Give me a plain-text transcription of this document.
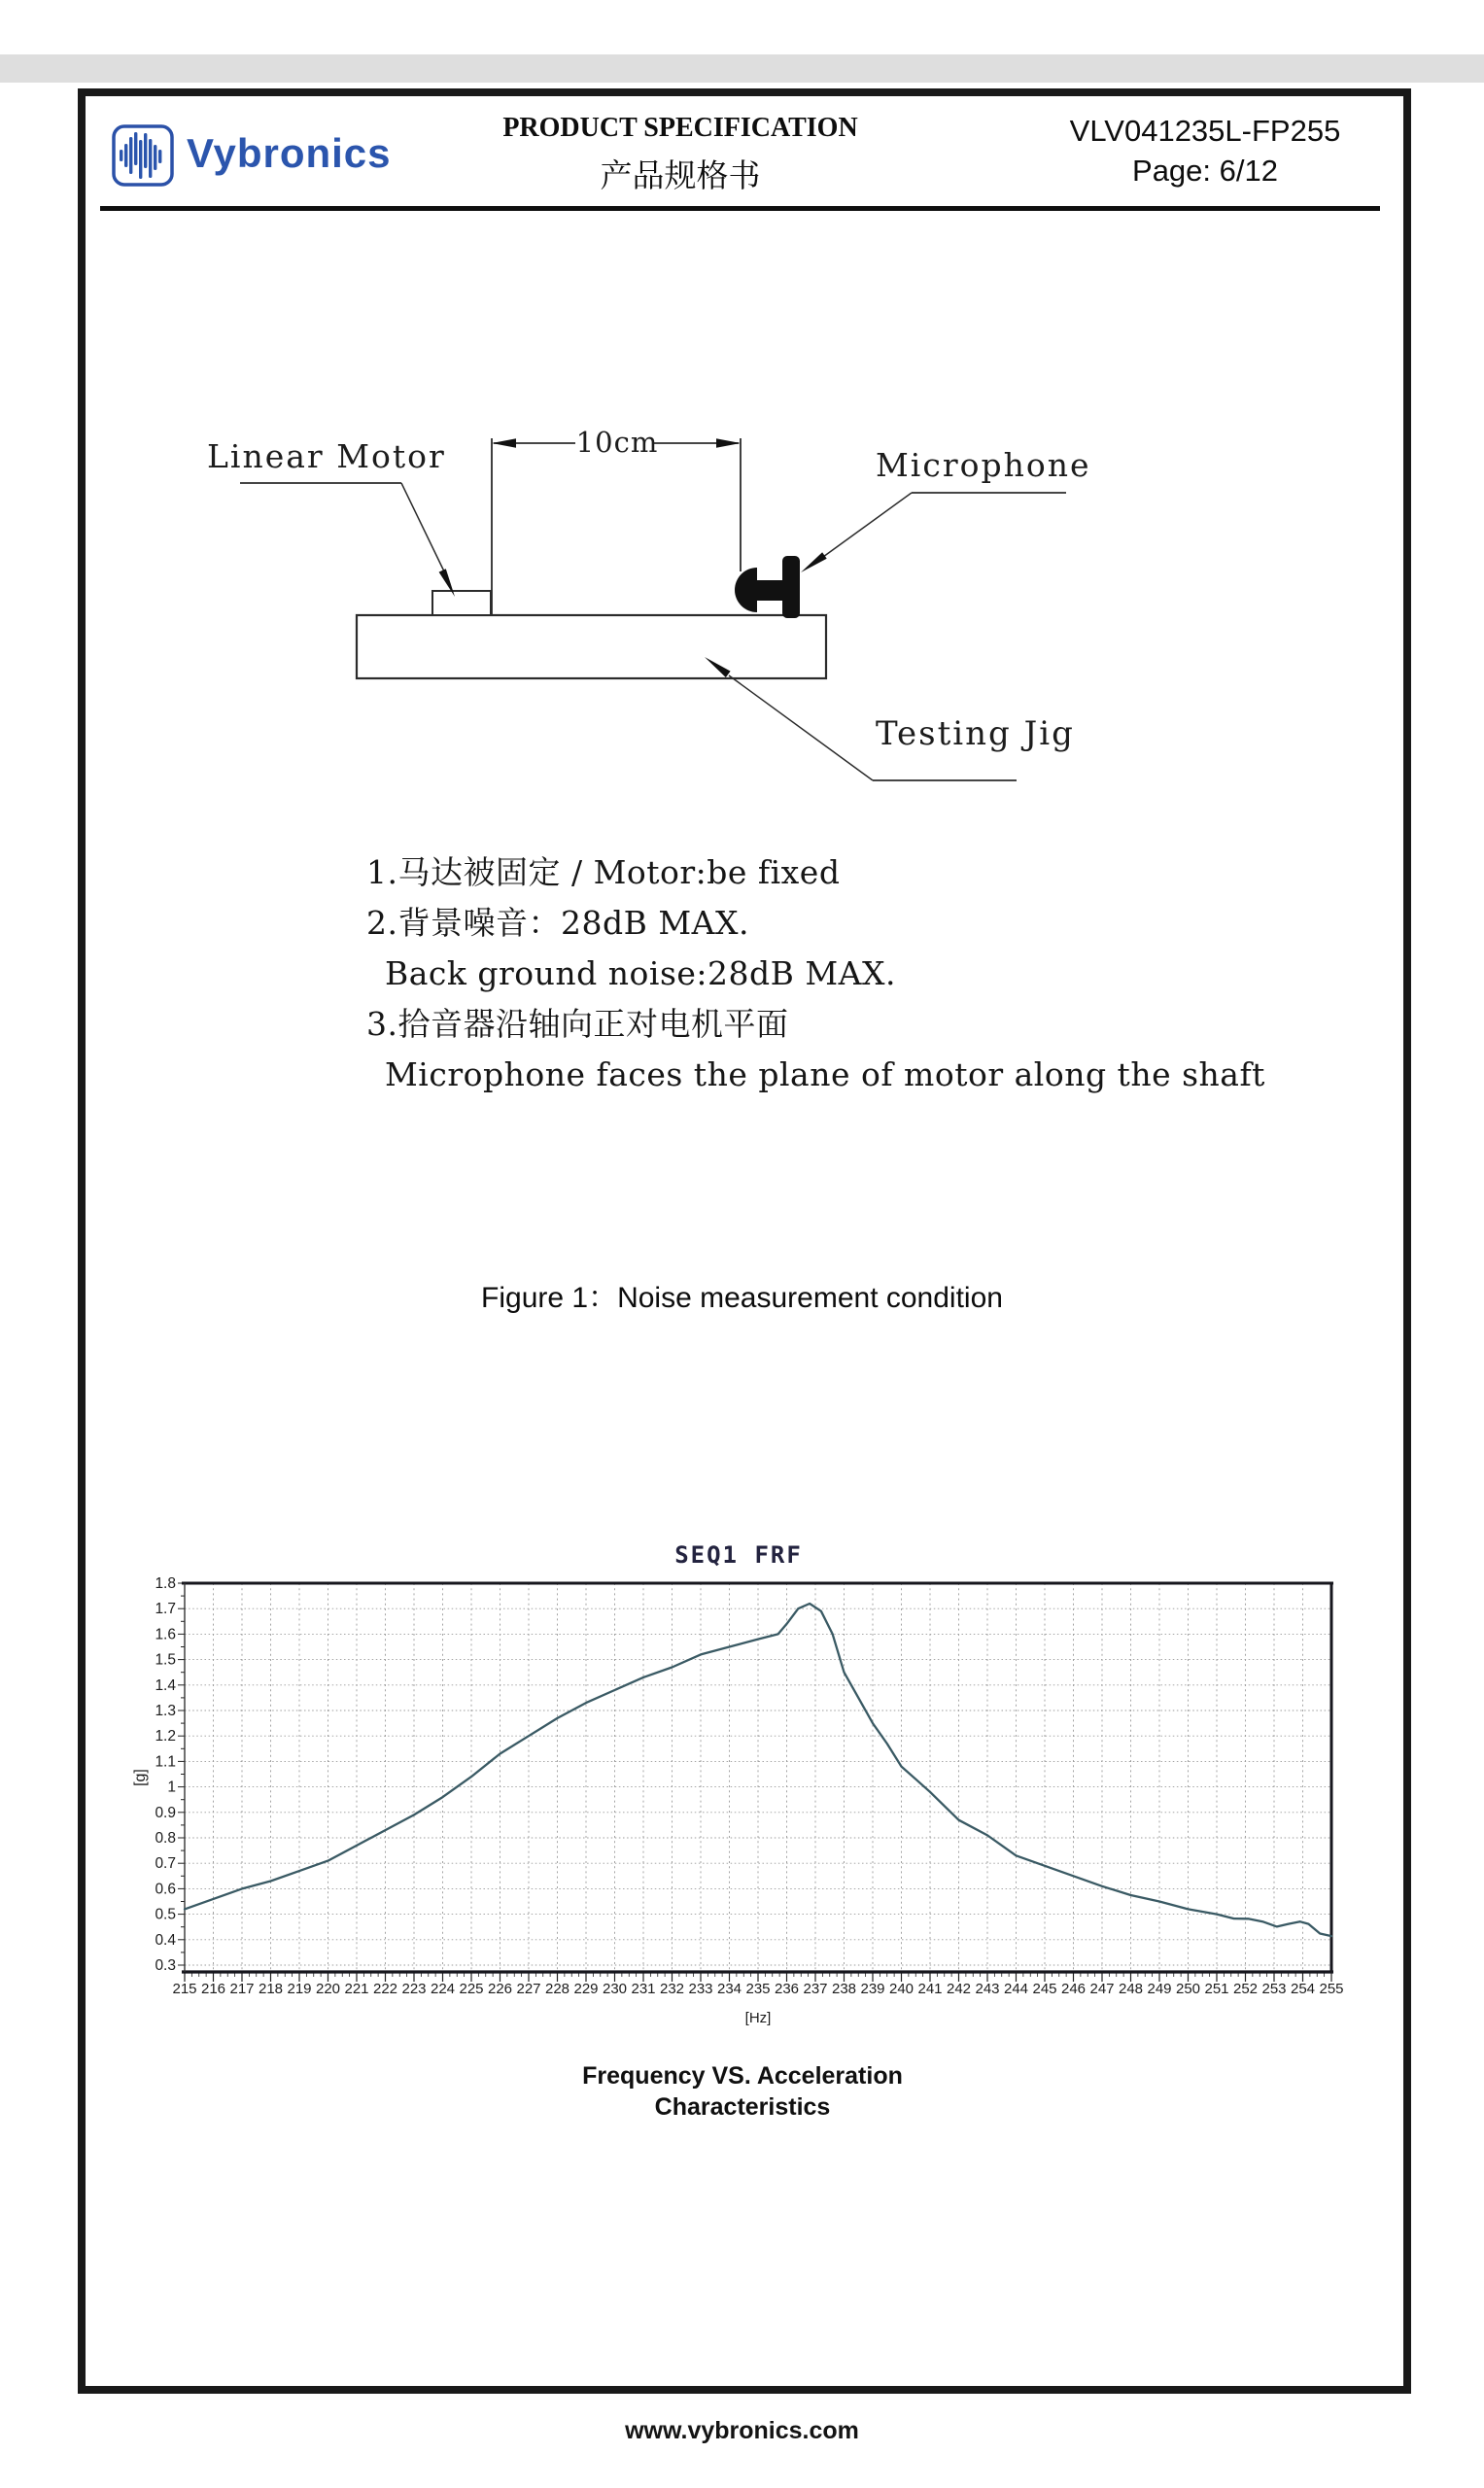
Vybronics
PRODUCT SPECIFICATION
产品规格书
VLV041235L-FP255
Page: 6/12
Linear Motor	10cm
Microphone
Testing Jig
1.马达被固定 / Motor:be fixed
2.背景噪音：28dB MAX.
Back ground noise:28dB MAX.
3.拾音器沿轴向正对电机平面
Microphone faces the plane of motor along the shaft
Figure 1：Noise measurement condition
SEQ1 FRF
215 216 217 218 219 220 221 222 223 224 225 226 227 228 229 230 231 232 233 234 235 236 237 238 239 240 241 242 243 244 245 246 247 248 249 250 251 252 253 254 255
0.3
0.4
0.5
0.6
0.7
0.8
0.9
1
1.1
1.2
1.3
1.4
1.5
1.6
1.7
1.8
[Hz]
[g]
Frequency VS. Acceleration
Characteristics
www.vybronics.com
